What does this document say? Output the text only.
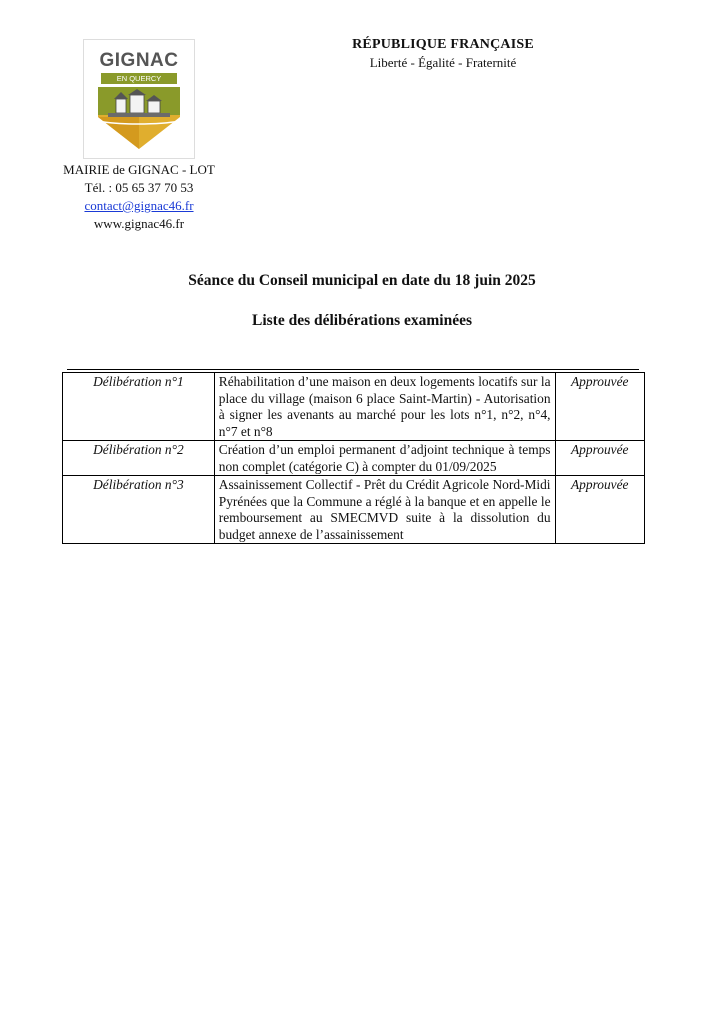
GIGNAC
EN QUERCY
MAIRIE de GIGNAC - LOT
Tél. : 05 65 37 70 53
contact@gignac46.fr
www.gignac46.fr
RÉPUBLIQUE FRANÇAISE
Liberté - Égalité - Fraternité
Séance du Conseil municipal en date du 18 juin 2025
Liste des délibérations examinées
Délibération n°1	Réhabilitation d’une maison en deux logements locatifs sur la place du village (maison 6 place Saint-Martin) - Autorisation à signer les avenants au marché pour les lots n°1, n°2, n°4, n°7 et n°8	Approuvée
Délibération n°2	Création d’un emploi permanent d’adjoint technique à temps non complet (catégorie C) à compter du 01/09/2025	Approuvée
Délibération n°3	Assainissement Collectif - Prêt du Crédit Agricole Nord-Midi Pyrénées que la Commune a réglé à la banque et en appelle le remboursement au SMECMVD suite à la dissolution du budget annexe de l’assainissement	Approuvée
